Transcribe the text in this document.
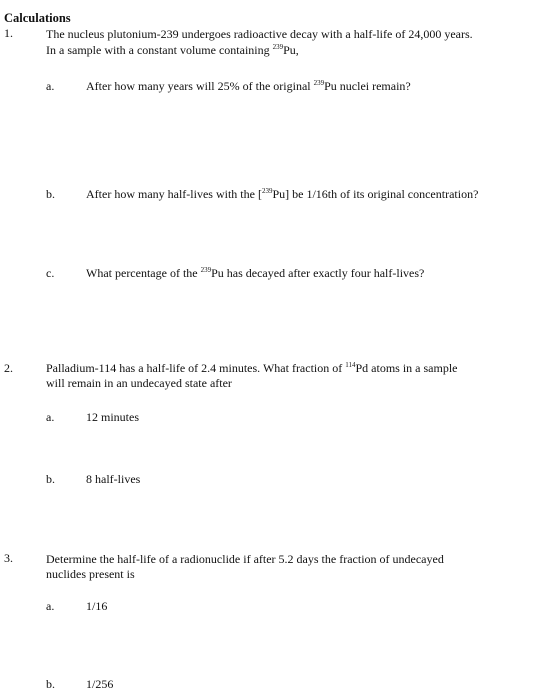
Calculations
1.	The nucleus plutonium-239 undergoes radioactive decay with a half-life of 24,000 years.
In a sample with a constant volume containing $^{239}$Pu,
a.	After how many years will 25% of the original $^{239}$Pu nuclei remain?
b.	After how many half-lives with the [$^{239}$Pu] be 1/16th of its original concentration?
c.	What percentage of the $^{239}$Pu has decayed after exactly four half-lives?
2.	Palladium-114 has a half-life of 2.4 minutes. What fraction of $^{114}$Pd atoms in a sample
will remain in an undecayed state after
a.	12 minutes
b.	8 half-lives
3.	Determine the half-life of a radionuclide if after 5.2 days the fraction of undecayed
nuclides present is
a.	1/16
b.	1/256
